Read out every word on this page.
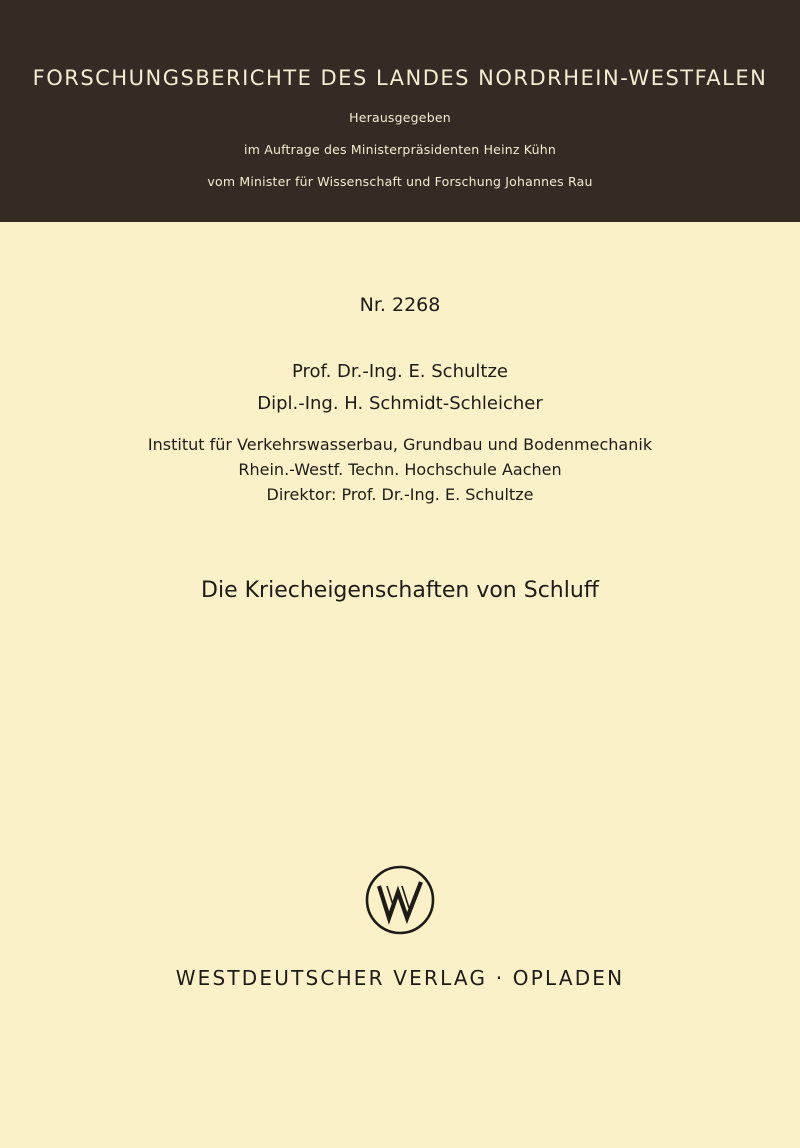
FORSCHUNGSBERICHTE DES LANDES NORDRHEIN-WESTFALEN
Herausgegeben
im Auftrage des Ministerpräsidenten Heinz Kühn
vom Minister für Wissenschaft und Forschung Johannes Rau
Nr. 2268
Prof. Dr.-Ing. E. Schultze
Dipl.-Ing. H. Schmidt-Schleicher
Institut für Verkehrswasserbau, Grundbau und Bodenmechanik
Rhein.-Westf. Techn. Hochschule Aachen
Direktor: Prof. Dr.-Ing. E. Schultze
Die Kriecheigenschaften von Schluff
WESTDEUTSCHER VERLAG · OPLADEN
